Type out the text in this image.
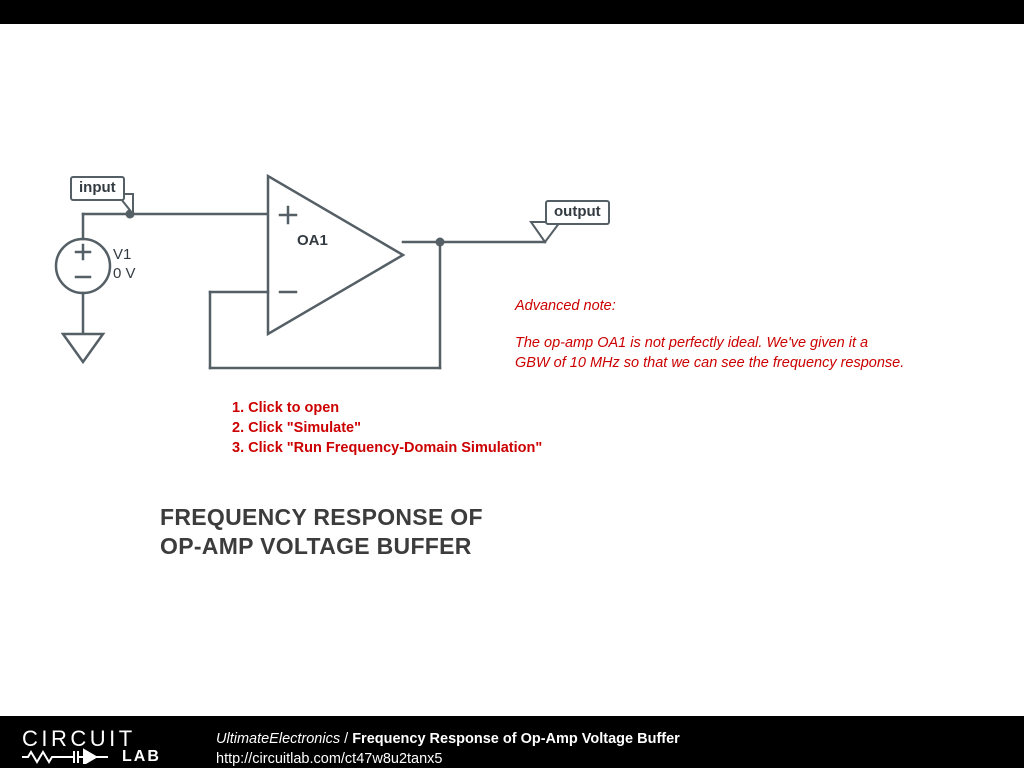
input
output
V1
0 V
OA1
Advanced note:
The op-amp OA1 is not perfectly ideal. We've given it a
GBW of 10 MHz so that we can see the frequency response.
1. Click to open
2. Click "Simulate"
3. Click "Run Frequency-Domain Simulation"
FREQUENCY RESPONSE OF
OP-AMP VOLTAGE BUFFER
CIRCUIT
LAB
UltimateElectronics / Frequency Response of Op-Amp Voltage Buffer
http://circuitlab.com/ct47w8u2tanx5
